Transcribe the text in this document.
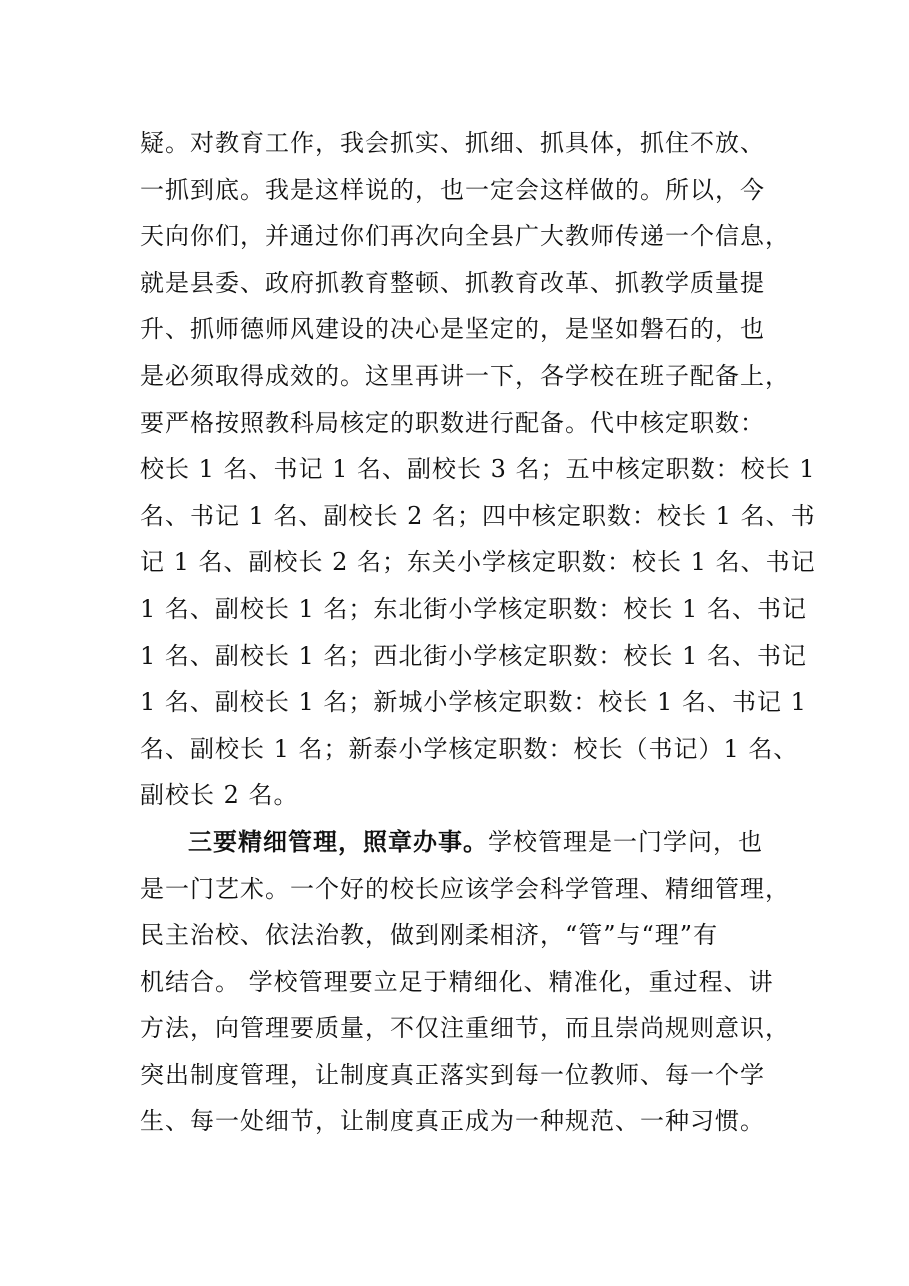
疑。对教育工作，我会抓实、抓细、抓具体，抓住不放、
一抓到底。我是这样说的，也一定会这样做的。所以，今
天向你们，并通过你们再次向全县广大教师传递一个信息，
就是县委、政府抓教育整顿、抓教育改革、抓教学质量提
升、抓师德师风建设的决心是坚定的，是坚如磐石的，也
是必须取得成效的。这里再讲一下，各学校在班子配备上，
要严格按照教科局核定的职数进行配备。代中核定职数：
校长 1 名、书记 1 名、副校长 3 名；五中核定职数：校长 1
名、书记 1 名、副校长 2 名；四中核定职数：校长 1 名、书
记 1 名、副校长 2 名；东关小学核定职数：校长 1 名、书记
1 名、副校长 1 名；东北街小学核定职数：校长 1 名、书记
1 名、副校长 1 名；西北街小学核定职数：校长 1 名、书记
1 名、副校长 1 名；新城小学核定职数：校长 1 名、书记 1
名、副校长 1 名；新泰小学核定职数：校长（书记）1 名、
副校长 2 名。
三要精细管理，照章办事。学校管理是一门学问，也
是一门艺术。一个好的校长应该学会科学管理、精细管理，
民主治校、依法治教，做到刚柔相济，“管”与“理”有
机结合。 学校管理要立足于精细化、精准化，重过程、讲
方法，向管理要质量，不仅注重细节，而且崇尚规则意识，
突出制度管理，让制度真正落实到每一位教师、每一个学
生、每一处细节，让制度真正成为一种规范、一种习惯。
